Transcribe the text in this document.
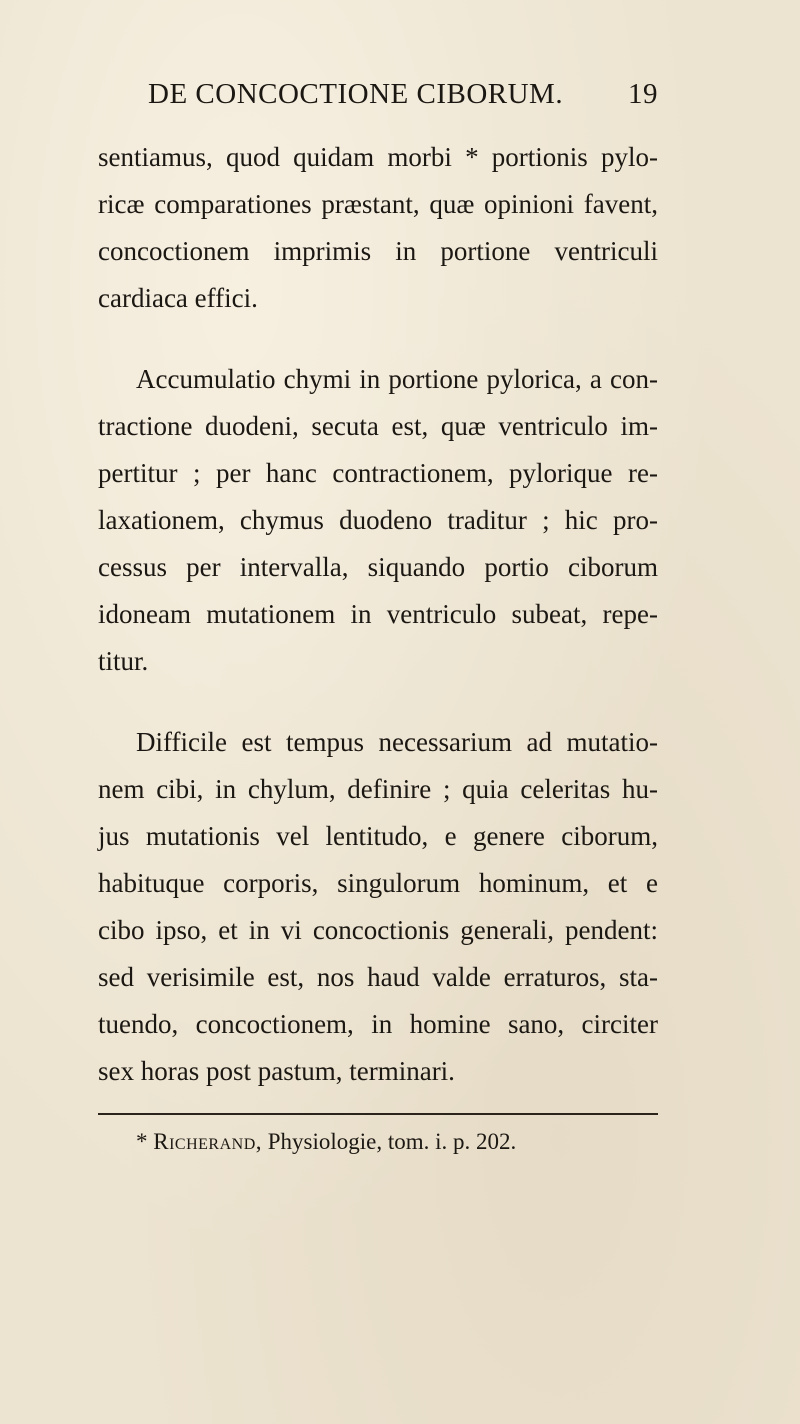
DE CONCOCTIONE CIBORUM. 19

sentiamus, quod quidam morbi * portionis pylo-
ricæ comparationes præstant, quæ opinioni favent,
concoctionem imprimis in portione ventriculi
cardiaca effici.

Accumulatio chymi in portione pylorica, a con-
tractione duodeni, secuta est, quæ ventriculo im-
pertitur ; per hanc contractionem, pylorique re-
laxationem, chymus duodeno traditur ; hic pro-
cessus per intervalla, siquando portio ciborum
idoneam mutationem in ventriculo subeat, repe-
titur.

Difficile est tempus necessarium ad mutatio-
nem cibi, in chylum, definire ; quia celeritas hu-
jus mutationis vel lentitudo, e genere ciborum,
habituque corporis, singulorum hominum, et e
cibo ipso, et in vi concoctionis generali, pendent:
sed verisimile est, nos haud valde erraturos, sta-
tuendo, concoctionem, in homine sano, circiter
sex horas post pastum, terminari.

* Richerand, Physiologie, tom. i. p. 202.
